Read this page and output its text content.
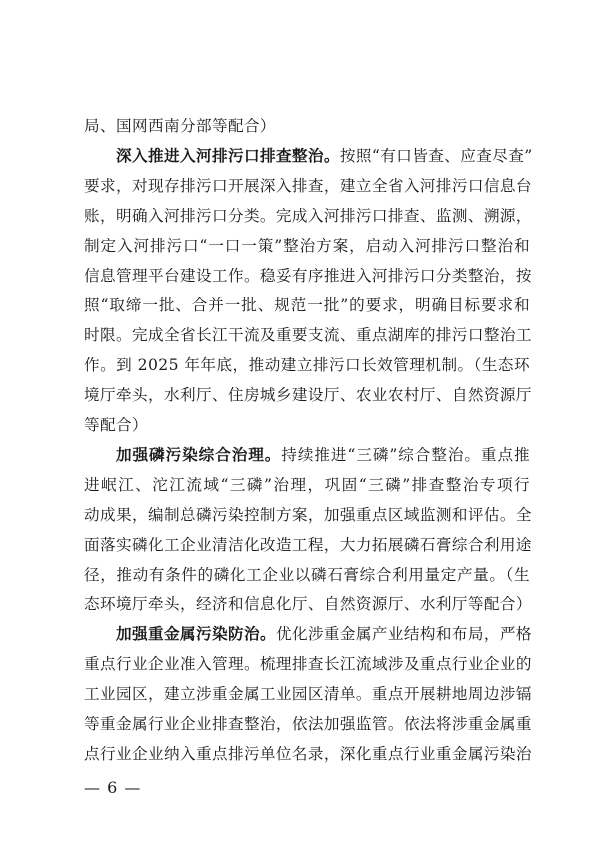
局、国网西南分部等配合）
深入推进入河排污口排查整治。按照“有口皆查、应查尽查”
要求，对现存排污口开展深入排查，建立全省入河排污口信息台
账，明确入河排污口分类。完成入河排污口排查、监测、溯源，
制定入河排污口“一口一策”整治方案，启动入河排污口整治和
信息管理平台建设工作。稳妥有序推进入河排污口分类整治，按
照“取缔一批、合并一批、规范一批”的要求，明确目标要求和
时限。完成全省长江干流及重要支流、重点湖库的排污口整治工
作。到 2025 年年底，推动建立排污口长效管理机制。（生态环
境厅牵头，水利厅、住房城乡建设厅、农业农村厅、自然资源厅
等配合）
加强磷污染综合治理。持续推进“三磷”综合整治。重点推
进岷江、沱江流域“三磷”治理，巩固“三磷”排查整治专项行
动成果，编制总磷污染控制方案，加强重点区域监测和评估。全
面落实磷化工企业清洁化改造工程，大力拓展磷石膏综合利用途
径，推动有条件的磷化工企业以磷石膏综合利用量定产量。（生
态环境厅牵头，经济和信息化厅、自然资源厅、水利厅等配合）
加强重金属污染防治。优化涉重金属产业结构和布局，严格
重点行业企业准入管理。梳理排查长江流域涉及重点行业企业的
工业园区，建立涉重金属工业园区清单。重点开展耕地周边涉镉
等重金属行业企业排查整治，依法加强监管。依法将涉重金属重
点行业企业纳入重点排污单位名录，深化重点行业重金属污染治
— 6 —
